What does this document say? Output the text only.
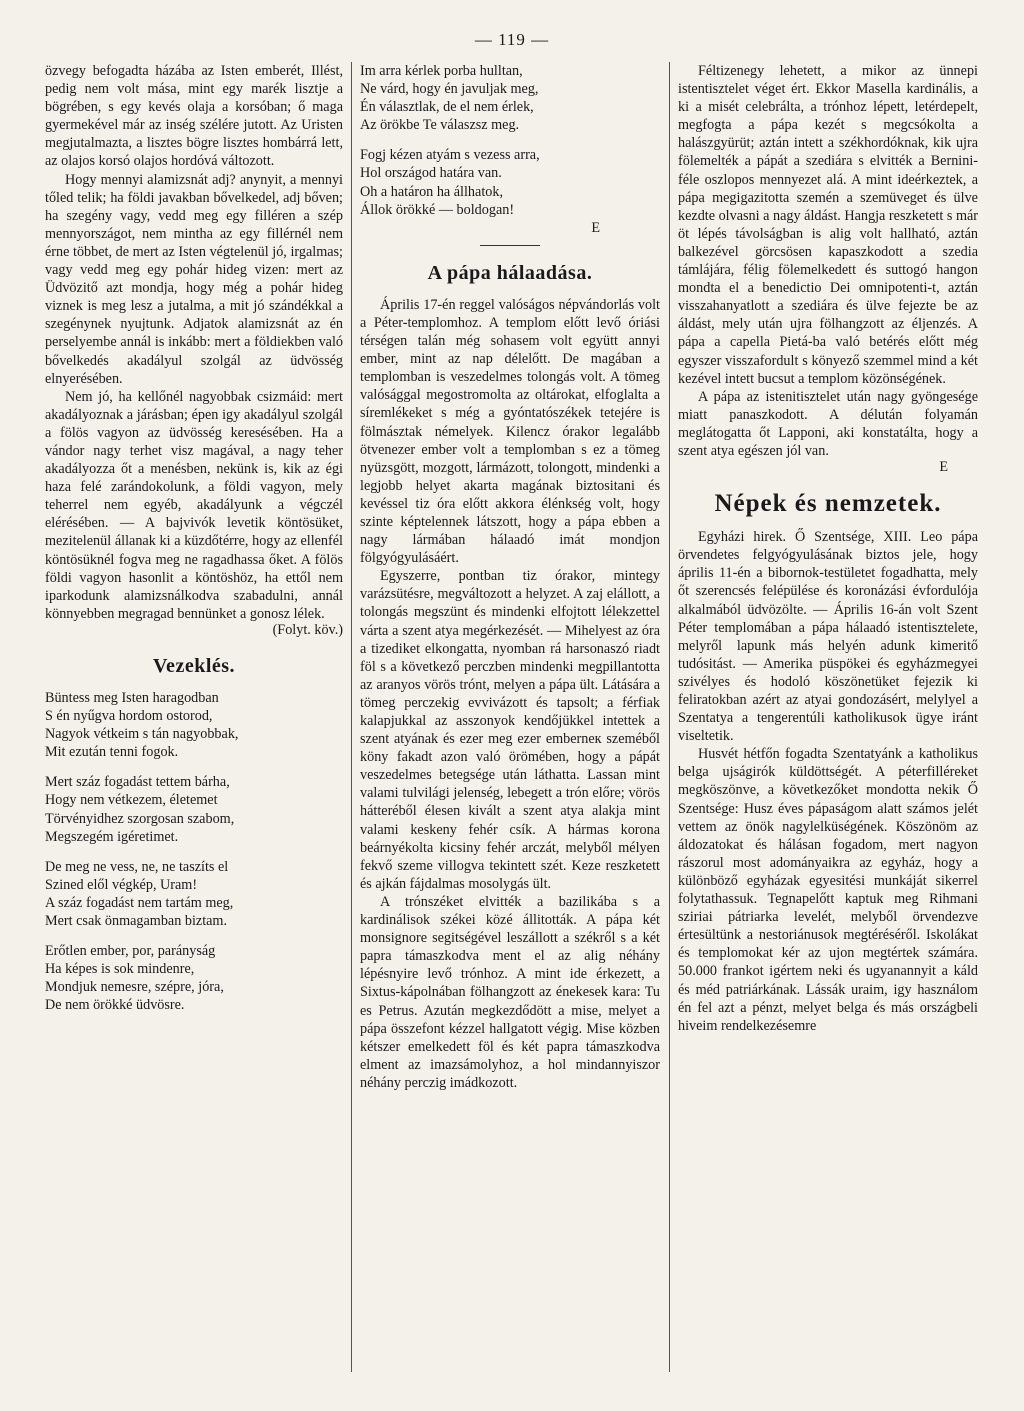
— 119 —

özvegy befogadta házába az Isten emberét, Illést, pedig nem volt mása, mint egy marék lisztje a bögrében, s egy kevés olaja a korsóban; ő maga gyermekével már az inség szélére jutott. Az Uristen megjutalmazta, a lisztes bögre lisztes hombárrá lett, az olajos korsó olajos hordóvá változott.

Hogy mennyi alamizsnát adj? anynyit, a mennyi tőled telik; ha földi javakban bővelkedel, adj bőven; ha szegény vagy, vedd meg egy filléren a szép mennyországot, nem mintha az egy fillérnél nem érne többet, de mert az Isten végtelenül jó, irgalmas; vagy vedd meg egy pohár hideg vizen: mert az Üdvözitő azt mondja, hogy még a pohár hideg viznek is meg lesz a jutalma, a mit jó szándékkal a szegénynek nyujtunk. Adjatok alamizsnát az én perselyembe annál is inkább: mert a földiekben való bővelkedés akadályul szolgál az üdvösség elnyerésében.

Nem jó, ha kellőnél nagyobbak csizmáid: mert akadályoznak a járásban; épen igy akadályul szolgál a fölös vagyon az üdvösség keresésében. Ha a vándor nagy terhet visz magával, a nagy teher akadályozza őt a menésben, nekünk is, kik az égi haza felé zarándokolunk, a földi vagyon, mely teherrel nem egyéb, akadályunk a végczél elérésében. — A bajvivók levetik köntösüket, mezitelenül állanak ki a küzdőtérre, hogy az ellenfél köntösüknél fogva meg ne ragadhassa őket. A fölös földi vagyon hasonlit a köntöshöz, ha ettől nem iparkodunk alamizsnálkodva szabadulni, annál könnyebben megragad bennünket a gonosz lélek.

(Folyt. köv.)

Vezeklés.
Büntess meg Isten haragodban
S én nyűgva hordom ostorod,
Nagyok vétkeim s tán nagyobbak,
Mit ezután tenni fogok.
Mert száz fogadást tettem bárha,
Hogy nem vétkezem, életemet
Törvényidhez szorgosan szabom,
Megszegém igéretimet.
De meg ne vess, ne, ne taszíts el
Szined elől végkép, Uram!
A száz fogadást nem tartám meg,
Mert csak önmagamban biztam.
Erőtlen ember, por, parányság
Ha képes is sok mindenre,
Mondjuk nemesre, szépre, jóra,
De nem örökké üdvösre.
Im arra kérlek porba hulltan,
Ne várd, hogy én javuljak meg,
Én választlak, de el nem érlek,
Az örökbe Te válaszsz meg.
Fogj kézen atyám s vezess arra,
Hol országod határa van.
Oh a határon ha állhatok,
Állok örökké — boldogan!

E

A pápa hálaadása.

Április 17-én reggel valóságos népvándorlás volt a Péter-templomhoz. A templom előtt levő óriási térségen talán még sohasem volt együtt annyi ember, mint az nap délelőtt. De magában a templomban is veszedelmes tolongás volt. A tömeg valósággal megostromolta az oltárokat, elfoglalta a síremlékeket s még a gyóntatószékek tetejére is fölmásztak némelyek. Kilencz órakor legalább ötvenezer ember volt a templomban s ez a tömeg nyüzsgött, mozgott, lármázott, tolongott, mindenki a legjobb helyet akarta magának biztositani és kevéssel tiz óra előtt akkora élénkség volt, hogy szinte képtelennek látszott, hogy a pápa ebben a nagy lármában hálaadó imát mondjon fölgyógyulásáért.

Egyszerre, pontban tiz órakor, mintegy varázsütésre, megváltozott a helyzet. A zaj elállott, a tolongás megszünt és mindenki elfojtott lélekzettel várta a szent atya megérkezését. — Mihelyest az óra a tizediket elkongatta, nyomban rá harsonaszó riadt föl s a következő perczben mindenki megpillantotta az aranyos vörös trónt, melyen a pápa ült. Látására a tömeg perczekig evvivázott és tapsolt; a férfiak kalapjukkal az asszonyok kendőjükkel intettek a szent atyának és ezer meg ezer emberneк szeméből köny fakadt azon való örömében, hogy a pápát veszedelmes betegsége után láthatta. Lassan mint valami tulvilági jelenség, lebegett a trón előre; vörös hátteréből élesen kivált a szent atya alakja mint valami keskeny fehér csík. A hármas korona beárnyékolta kicsiny fehér arczát, melyből mélyen fekvő szeme villogva tekintett szét. Keze reszketett és ajkán fájdalmas mosolygás ült.

A trónszéket elvitték a bazilikába s a kardinálisok székei közé állitották. A pápa két monsignore segitségével leszállott a székről s a két papra támaszkodva ment el az alig néhány lépésnyire levő trónhoz. A mint ide érkezett, a Sixtus-kápolnában fölhangzott az énekesek kara: Tu es Petrus. Azután megkezdődött a mise, melyet a pápa összefont kézzel hallgatott végig. Mise közben kétszer emelkedett föl és két papra támaszkodva elment az imazsámolyhoz, a hol mindannyiszor néhány perczig imádkozott.

Féltizenegy lehetett, a mikor az ünnepi istentisztelet véget ért. Ekkor Masella kardinális, a ki a misét celebrálta, a trónhoz lépett, letérdepelt, megfogta a pápa kezét s megcsókolta a halászgyürüt; aztán intett a székhordóknak, kik ujra fölemelték a pápát a szediára s elvitték a Bernini-féle oszlopos mennyezet alá. A mint ideérkeztek, a pápa megigazitotta szemén a szemüveget és ülve kezdte olvasni a nagy áldást. Hangja reszketett s már öt lépés távolságban is alig volt hallható, aztán balkezével görcsösen kapaszkodott a szedia támlájára, félig fölemelkedett és suttogó hangon mondta el a benedictio Dei omnipotenti-t, aztán visszahanyatlott a szediára és ülve fejezte be az áldást, mely után ujra fölhangzott az éljenzés. A pápa a capella Pietá-ba való betérés előtt még egyszer visszafordult s könyező szemmel mind a két kezével intett bucsut a templom közönségének.

A pápa az istenitisztelet után nagy gyöngesége miatt panaszkodott. A délután folyamán meglátogatta őt Lapponi, aki konstatálta, hogy a szent atya egészen jól van.

E

Népek és nemzetek.

Egyházi hirek. Ő Szentsége, XIII. Leo pápa örvendetes felgyógyulásának biztos jele, hogy április 11-én a bibornok-testületet fogadhatta, mely őt szerencsés felépülése és koronázási évfordulója alkalmából üdvözölte. — Április 16-án volt Szent Péter templomában a pápa hálaadó istentisztelete, melyről lapunk más helyén adunk kimeritő tudósitást. — Amerika püspökei és egyházmegyei szivélyes és hodoló köszönetüket fejezik ki feliratokban azért az atyai gondozásért, melylyel a Szentatya a tengerentúli katholikusok ügye iránt viseltetik.

Husvét hétfőn fogadta Szentatyánk a katholikus belga ujságirók küldöttségét. A péterfilléreket megköszönve, a következőket mondotta nekik Ő Szentsége: Husz éves pápaságom alatt számos jelét vettem az önök nagylelküségének. Köszönöm az áldozatokat és hálásan fogadom, mert nagyon rászorul most adományaikra az egyház, hogy a különböző egyházak egyesitési munkáját sikerrel folytathassuk. Tegnapelőtt kaptuk meg Rihmani sziriai pátriarka levelét, melyből örvendezve értesültünk a nestoriánusok megtéréséről. Iskolákat és templomokat kér az ujon megtértek számára. 50.000 frankot igértem neki és ugyanannyit a káld és méd patriárkának. Lássák uraim, igy használom én fel azt a pénzt, melyet belga és más országbeli hiveim rendelkezésemre
